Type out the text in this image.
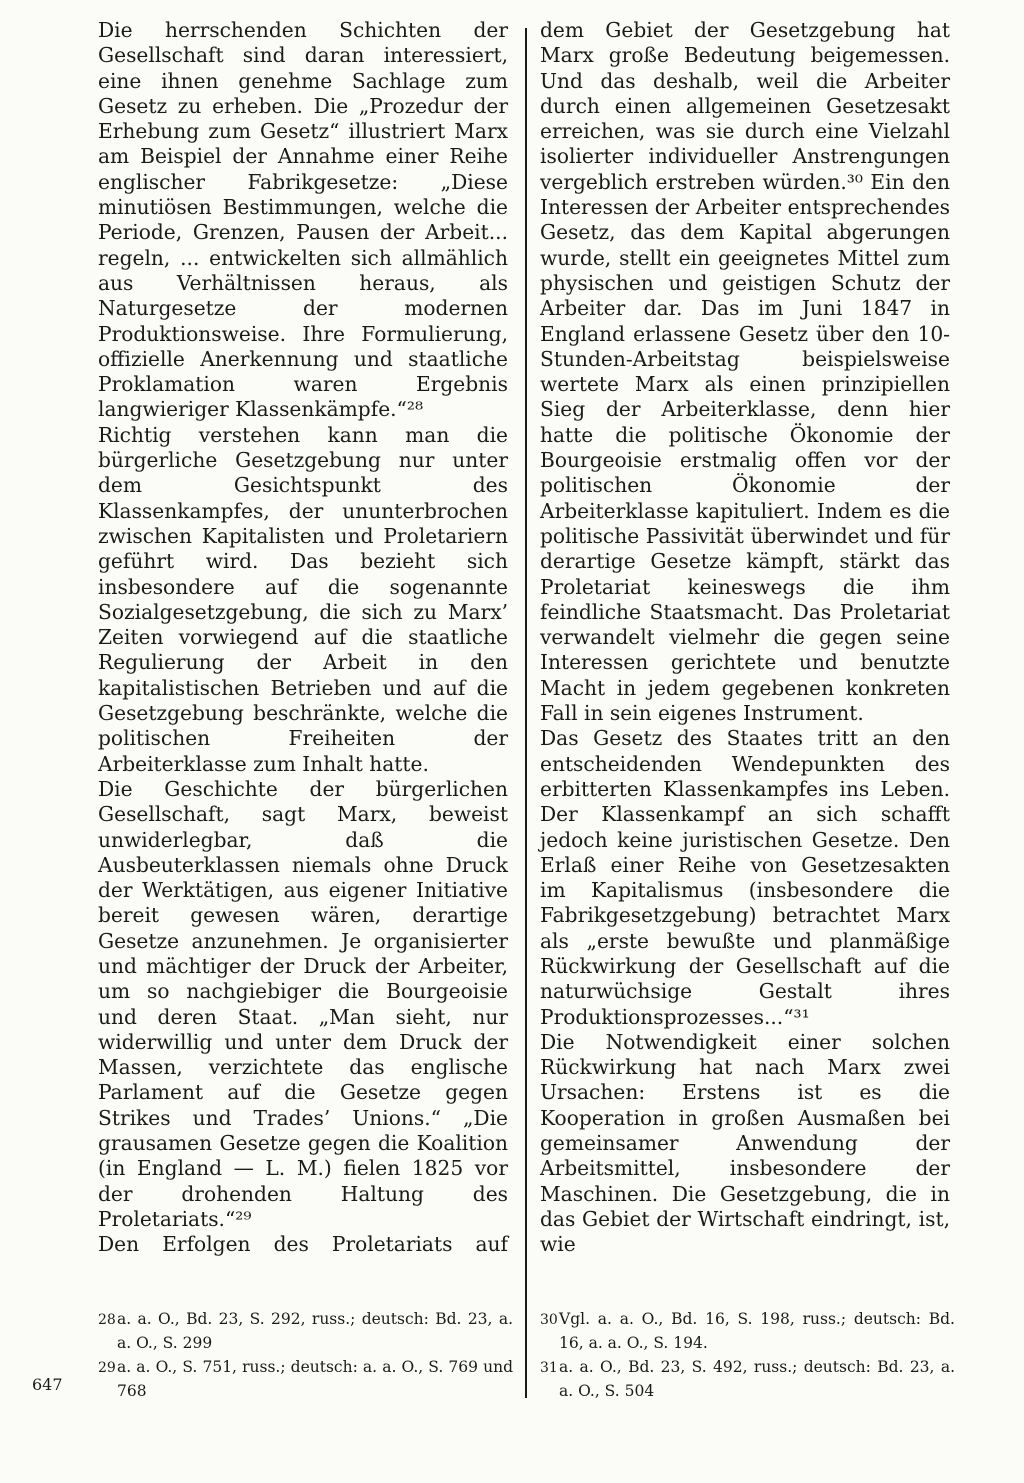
Die herrschenden Schichten der Gesellschaft sind daran interessiert, eine ihnen genehme Sachlage zum Gesetz zu erheben. Die „Prozedur der Erhebung zum Gesetz“ illustriert Marx am Beispiel der Annahme einer Reihe englischer Fabrikgesetze: „Diese minutiösen Bestimmungen, welche die Periode, Grenzen, Pausen der Arbeit... regeln, ... entwickelten sich allmählich aus Verhältnissen heraus, als Naturgesetze der modernen Produktionsweise. Ihre Formulierung, offizielle Anerkennung und staatliche Proklamation waren Ergebnis langwieriger Klassenkämpfe.“²⁸

Richtig verstehen kann man die bürgerliche Gesetzgebung nur unter dem Gesichtspunkt des Klassenkampfes, der ununterbrochen zwischen Kapitalisten und Proletariern geführt wird. Das bezieht sich insbesondere auf die sogenannte Sozialgesetzgebung, die sich zu Marx’ Zeiten vorwiegend auf die staatliche Regulierung der Arbeit in den kapitalistischen Betrieben und auf die Gesetzgebung beschränkte, welche die politischen Freiheiten der Arbeiterklasse zum Inhalt hatte.

Die Geschichte der bürgerlichen Gesellschaft, sagt Marx, beweist unwiderlegbar, daß die Ausbeuterklassen niemals ohne Druck der Werktätigen, aus eigener Initiative bereit gewesen wären, derartige Gesetze anzunehmen. Je organisierter und mächtiger der Druck der Arbeiter, um so nachgiebiger die Bourgeoisie und deren Staat. „Man sieht, nur widerwillig und unter dem Druck der Massen, verzichtete das englische Parlament auf die Gesetze gegen Strikes und Trades’ Unions.“ „Die grausamen Gesetze gegen die Koalition (in England — L. M.) fielen 1825 vor der drohenden Haltung des Proletariats.“²⁹

Den Erfolgen des Proletariats auf

dem Gebiet der Gesetzgebung hat Marx große Bedeutung beigemessen. Und das deshalb, weil die Arbeiter durch einen allgemeinen Gesetzesakt erreichen, was sie durch eine Vielzahl isolierter individueller Anstrengungen vergeblich erstreben würden.³⁰ Ein den Interessen der Arbeiter entsprechendes Gesetz, das dem Kapital abgerungen wurde, stellt ein geeignetes Mittel zum physischen und geistigen Schutz der Arbeiter dar. Das im Juni 1847 in England erlassene Gesetz über den 10-Stunden-Arbeitstag beispielsweise wertete Marx als einen prinzipiellen Sieg der Arbeiterklasse, denn hier hatte die politische Ökonomie der Bourgeoisie erstmalig offen vor der politischen Ökonomie der Arbeiterklasse kapituliert. Indem es die politische Passivität überwindet und für derartige Gesetze kämpft, stärkt das Proletariat keineswegs die ihm feindliche Staatsmacht. Das Proletariat verwandelt vielmehr die gegen seine Interessen gerichtete und benutzte Macht in jedem gegebenen konkreten Fall in sein eigenes Instrument.

Das Gesetz des Staates tritt an den entscheidenden Wendepunkten des erbitterten Klassenkampfes ins Leben. Der Klassenkampf an sich schafft jedoch keine juristischen Gesetze. Den Erlaß einer Reihe von Gesetzesakten im Kapitalismus (insbesondere die Fabrikgesetzgebung) betrachtet Marx als „erste bewußte und planmäßige Rückwirkung der Gesellschaft auf die naturwüchsige Gestalt ihres Produktionsprozesses...“³¹

Die Notwendigkeit einer solchen Rückwirkung hat nach Marx zwei Ursachen: Erstens ist es die Kooperation in großen Ausmaßen bei gemeinsamer Anwendung der Arbeitsmittel, insbesondere der Maschinen. Die Gesetzgebung, die in das Gebiet der Wirtschaft eindringt, ist, wie

28a. a. O., Bd. 23, S. 292, russ.; deutsch: Bd. 23, a. a. O., S. 299

29a. a. O., S. 751, russ.; deutsch: a. a. O., S. 769 und 768

30Vgl. a. a. O., Bd. 16, S. 198, russ.; deutsch: Bd. 16, a. a. O., S. 194.

31a. a. O., Bd. 23, S. 492, russ.; deutsch: Bd. 23, a. a. O., S. 504

647
